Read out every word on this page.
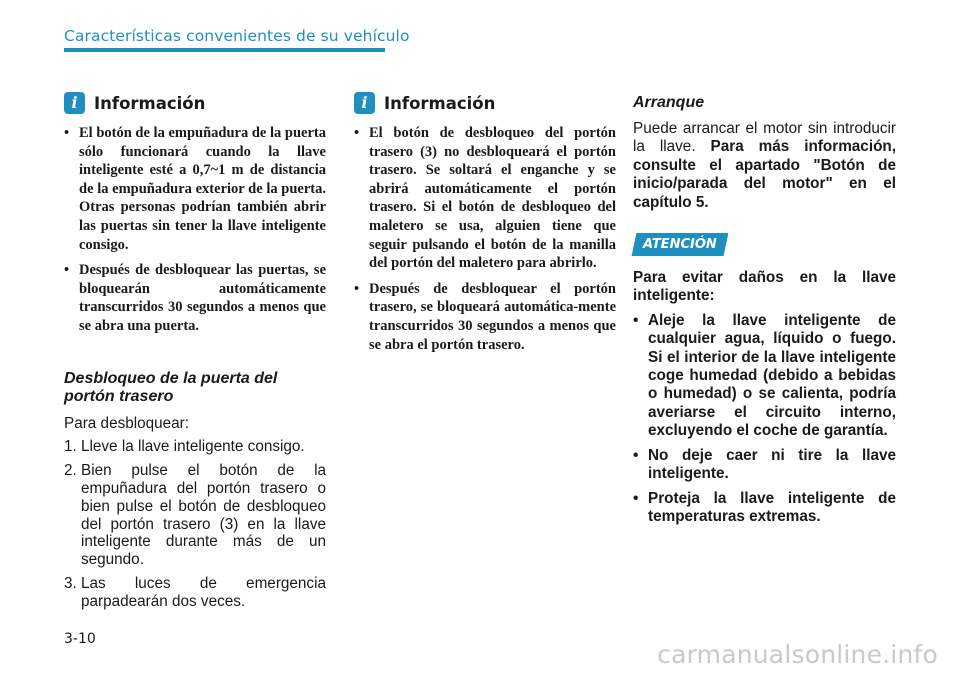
Características convenientes de su vehículo
i Información
• El botón de la empuñadura de la puerta sólo funcionará cuando la llave inteligente esté a 0,7~1 m de distancia de la empuñadura exterior de la puerta. Otras personas podrían también abrir las puertas sin tener la llave inteligente consigo.
• Después de desbloquear las puertas, se bloquearán automáticamente transcurridos 30 segundos a menos que se abra una puerta.
Desbloqueo de la puerta del portón trasero

Para desbloquear:

1. Lleve la llave inteligente consigo.
2. Bien pulse el botón de la empuñadura del portón trasero o bien pulse el botón de desbloqueo del portón trasero (3) en la llave inteligente durante más de un segundo.
3. Las luces de emergencia parpadearán dos veces.
i Información
• El botón de desbloqueo del portón trasero (3) no desbloqueará el portón trasero. Se soltará el enganche y se abrirá automáticamente el portón trasero. Si el botón de desbloqueo del maletero se usa, alguien tiene que seguir pulsando el botón de la manilla del portón del maletero para abrirlo.
• Después de desbloquear el portón trasero, se bloqueará automática-mente transcurridos 30 segundos a menos que se abra el portón trasero.
Arranque

Puede arrancar el motor sin introducir la llave. Para más información, consulte el apartado "Botón de inicio/parada del motor" en el capítulo 5.

ATENCIÓN

Para evitar daños en la llave inteligente:

• Aleje la llave inteligente de cualquier agua, líquido o fuego. Si el interior de la llave inteligente coge humedad (debido a bebidas o humedad) o se calienta, podría averiarse el circuito interno, excluyendo el coche de garantía.
• No deje caer ni tire la llave inteligente.
• Proteja la llave inteligente de temperaturas extremas.
3-10
carmanualsonline.info
